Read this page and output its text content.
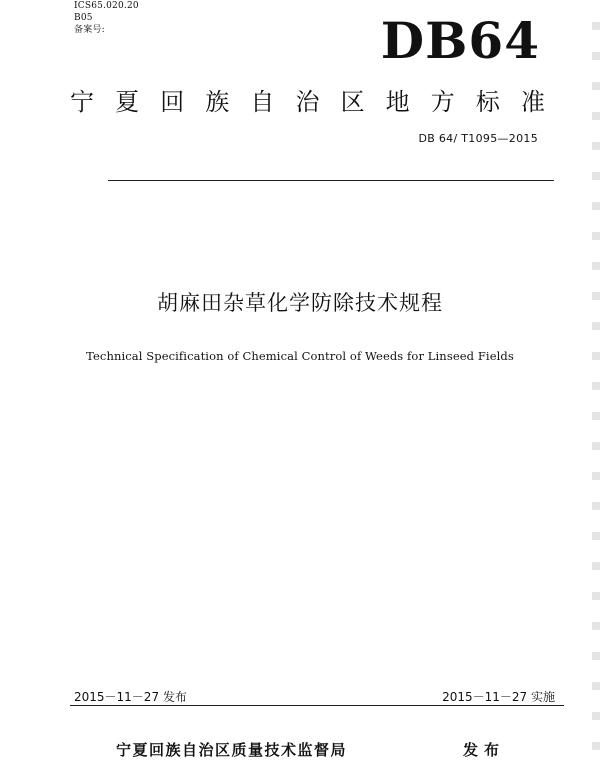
ICS65.020.20
B05
备案号:	DB64
宁 夏 回 族 自 治 区 地 方 标 准
DB 64/ T1095—2015
胡麻田杂草化学防除技术规程
Technical Specification of Chemical Control of Weeds for Linseed Fields
2015－11－27 发布	2015－11－27 实施
宁夏回族自治区质量技术监督局	发布
